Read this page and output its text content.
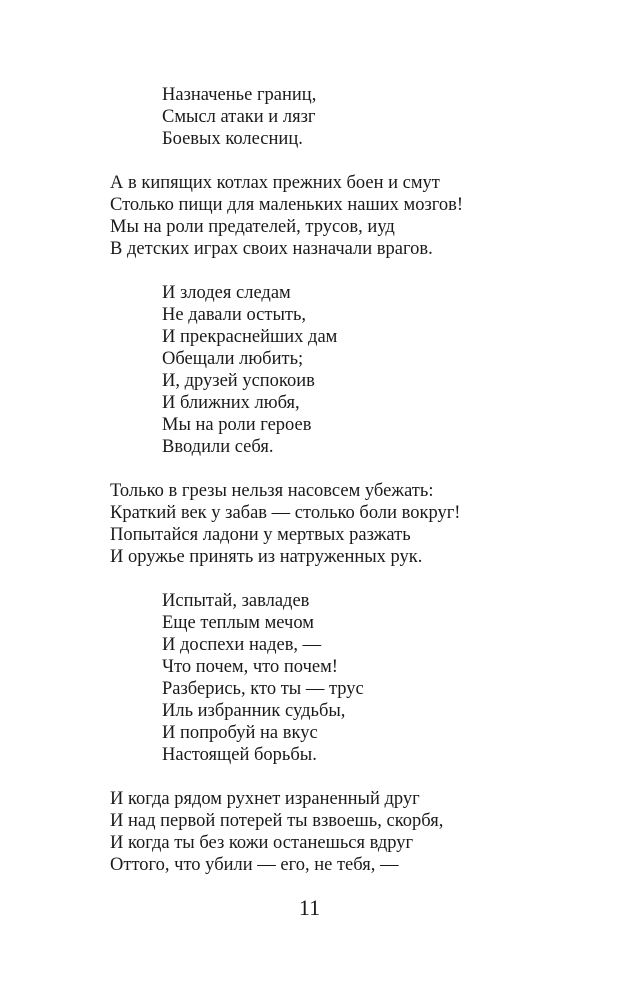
Назначенье границ,
Смысл атаки и лязг
Боевых колесниц.
А в кипящих котлах прежних боен и смут
Столько пищи для маленьких наших мозгов!
Мы на роли предателей, трусов, иуд
В детских играх своих назначали врагов.
И злодея следам
Не давали остыть,
И прекраснейших дам
Обещали любить;
И, друзей успокоив
И ближних любя,
Мы на роли героев
Вводили себя.
Только в грезы нельзя насовсем убежать:
Краткий век у забав — столько боли вокруг!
Попытайся ладони у мертвых разжать
И оружье принять из натруженных рук.
Испытай, завладев
Еще теплым мечом
И доспехи надев, —
Что почем, что почем!
Разберись, кто ты — трус
Иль избранник судьбы,
И попробуй на вкус
Настоящей борьбы.
И когда рядом рухнет израненный друг
И над первой потерей ты взвоешь, скорбя,
И когда ты без кожи останешься вдруг
Оттого, что убили — его, не тебя, —
11
